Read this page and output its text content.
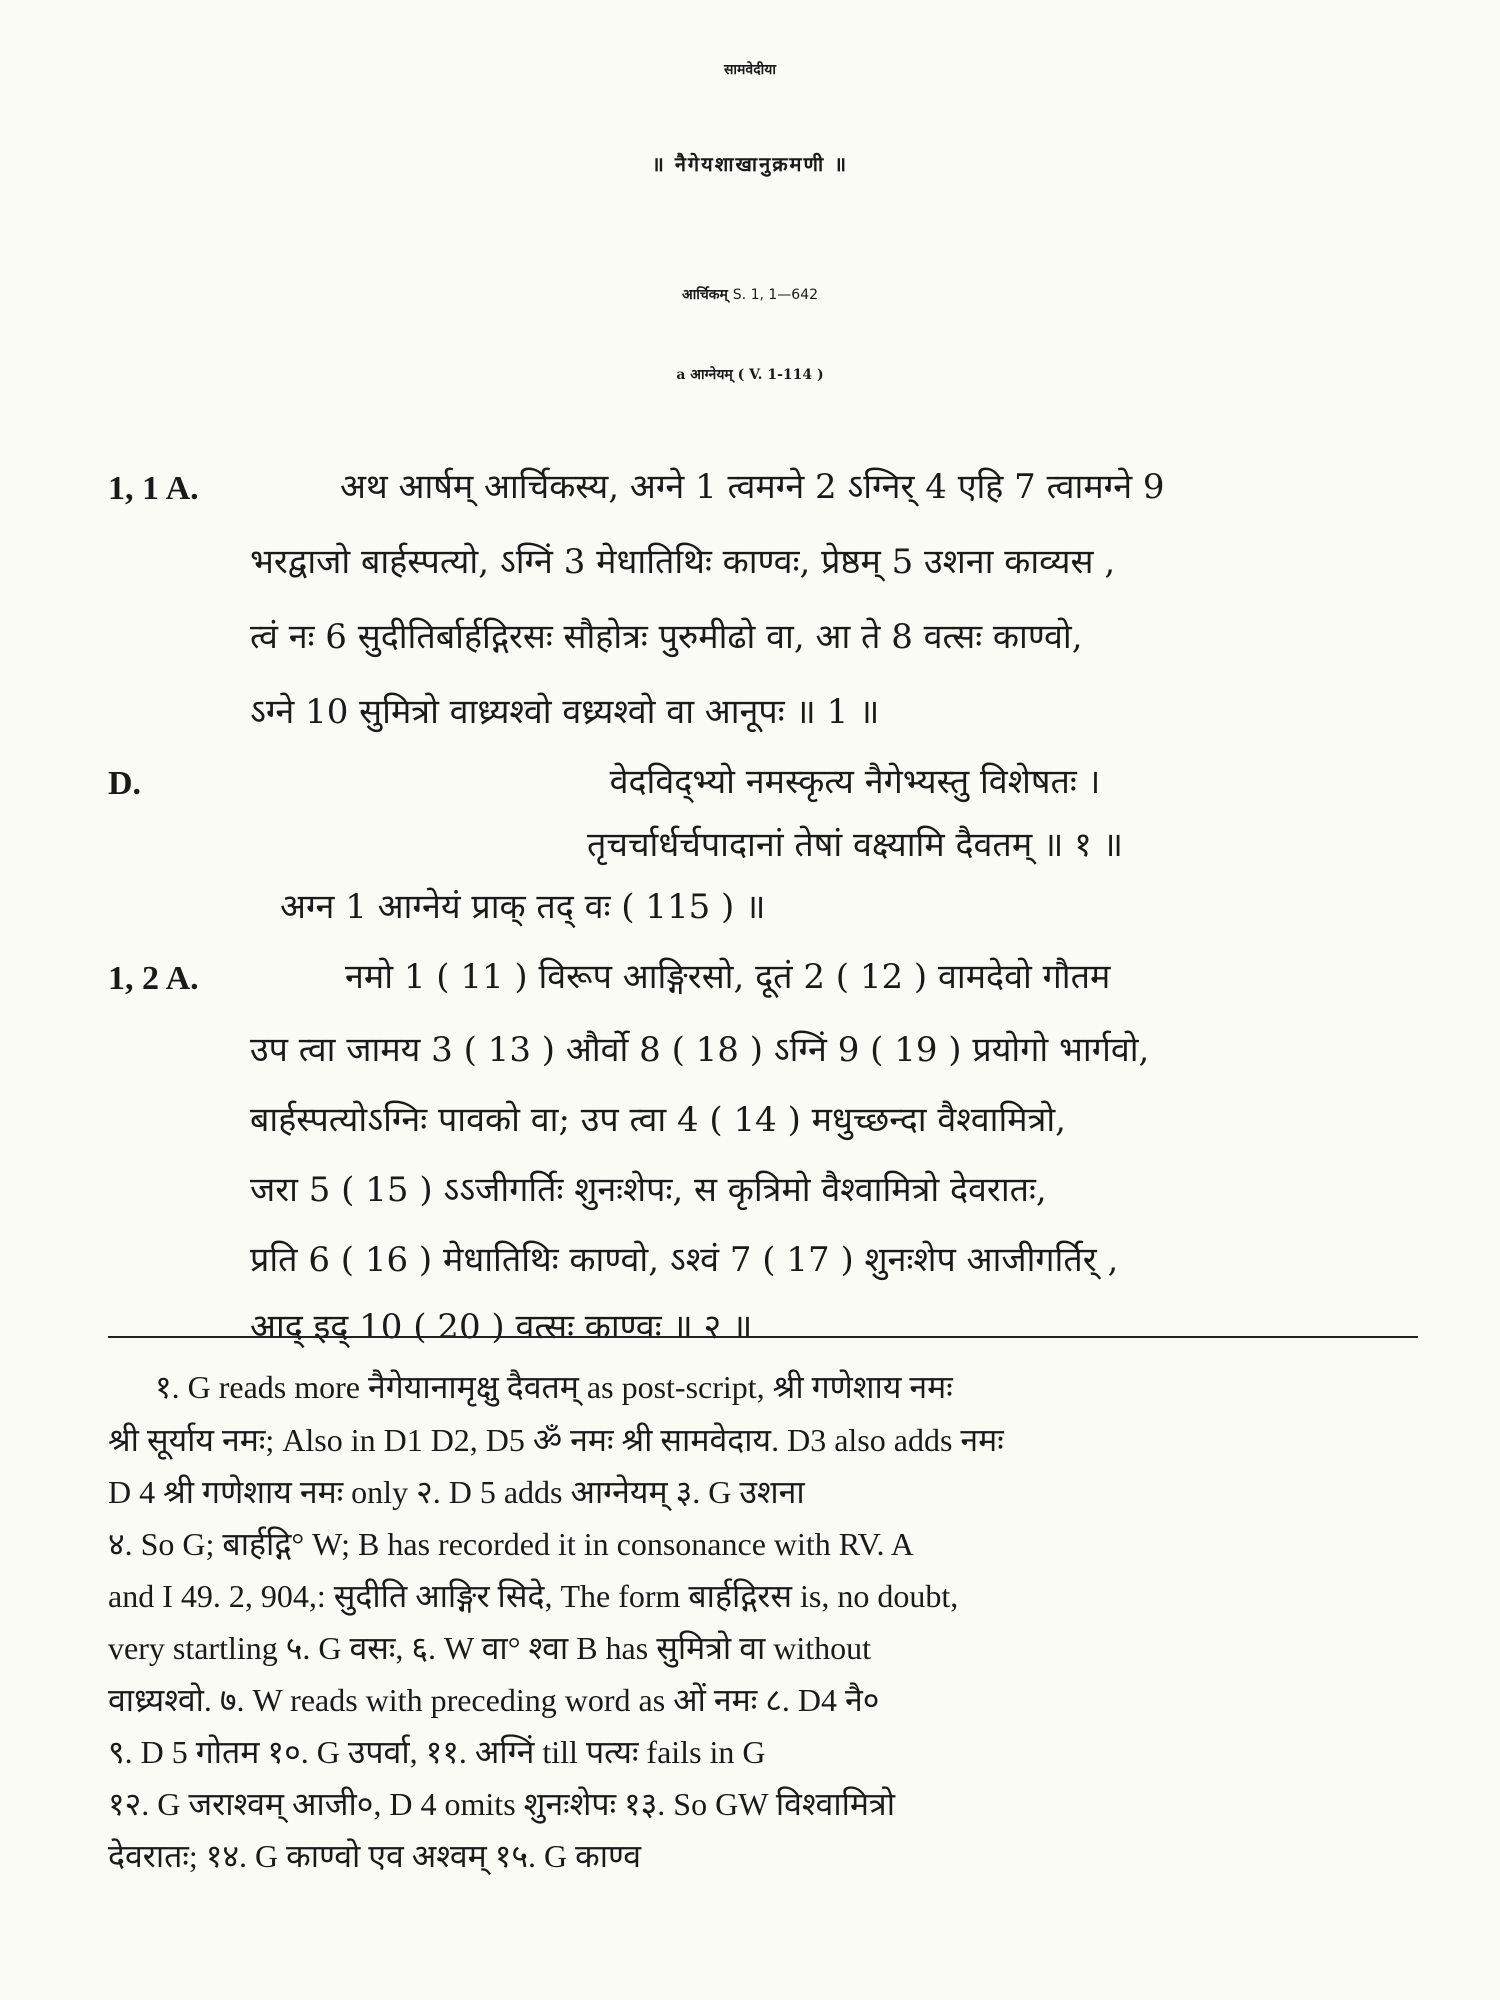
सामवेदीया
॥ नैगेयशाखानुक्रमणी ॥
आर्चिकम् S. 1, 1—642
a आग्नेयम् ( V. 1-114 )
1, 1 A.	अथ आर्षम् आर्चिकस्य, अग्ने 1 त्वमग्ने 2 ऽग्निर् 4 एहि 7 त्वामग्ने 9
भरद्वाजो बार्हस्पत्यो, ऽग्निं 3 मेधातिथिः काण्वः, प्रेष्ठम् 5 उशना काव्यस ,
त्वं नः 6 सुदीतिर्बार्हद्गिरसः सौहोत्रः पुरुमीढो वा, आ ते 8 वत्सः काण्वो,
ऽग्ने 10 सुमित्रो वाध्र्यश्वो वध्र्यश्वो वा आनूपः ॥ 1 ॥
D.	वेदविद्भ्यो नमस्कृत्य नैगेभ्यस्तु विशेषतः ।
तृचर्चार्धर्चपादानां तेषां वक्ष्यामि दैवतम् ॥ १ ॥
अग्न 1 आग्नेयं प्राक् तद् वः ( 115 ) ॥
1, 2 A.	नमो 1 ( 11 ) विरूप आङ्गिरसो, दूतं 2 ( 12 ) वामदेवो गौतम
उप त्वा जामय 3 ( 13 ) और्वो 8 ( 18 ) ऽग्निं 9 ( 19 ) प्रयोगो भार्गवो,
बार्हस्पत्योऽग्निः पावको वा; उप त्वा 4 ( 14 ) मधुच्छन्दा वैश्वामित्रो,
जरा 5 ( 15 ) ऽऽजीगर्तिः शुनःशेपः, स कृत्रिमो वैश्वामित्रो देवरातः,
प्रति 6 ( 16 ) मेधातिथिः काण्वो, ऽश्वं 7 ( 17 ) शुनःशेप आजीगर्तिर् ,
आद् इद् 10 ( 20 ) वत्सः काण्वः ॥ २ ॥
१. G reads more नैगेयानामृक्षु दैवतम् as post-script, श्री गणेशाय नमः
श्री सूर्याय नमः; Also in D1 D2, D5 ॐ नमः श्री सामवेदाय. D3 also adds नमः
D 4 श्री गणेशाय नमः only २. D 5 adds आग्नेयम् ३. G उशना
४. So G; बार्हद्गि° W; B has recorded it in consonance with RV. A
and I 49. 2, 904,: सुदीति आङ्गिर सिदे, The form बार्हद्गिरस is, no doubt,
very startling ५. G वसः, ६. W वा° श्वा B has सुमित्रो वा without
वाध्र्यश्वो. ७. W reads with preceding word as ओं नमः ८. D4 नै०
९. D 5 गोतम १०. G उपर्वा, ११. अग्निं till पत्यः fails in G
१२. G जराश्वम् आजी०, D 4 omits शुनःशेपः १३. So GW विश्वामित्रो
देवरातः; १४. G काण्वो एव अश्वम् १५. G काण्व
